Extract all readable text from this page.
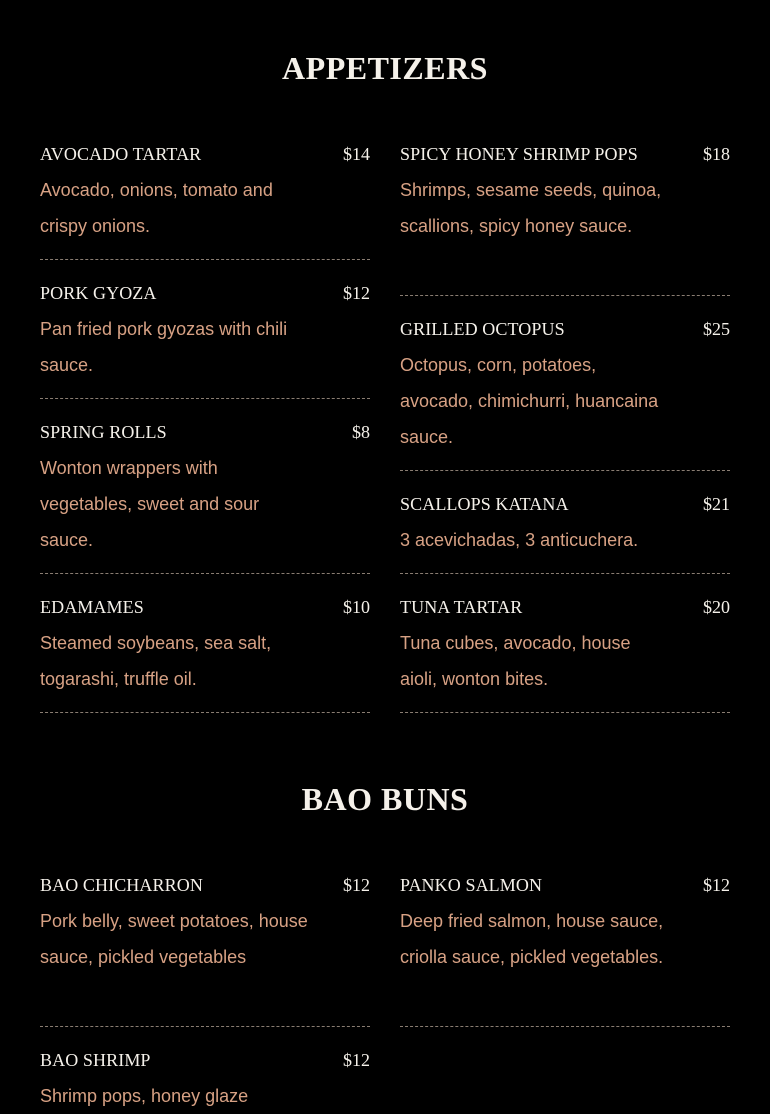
APPETIZERS
AVOCADO TARTAR	$14
Avocado, onions, tomato and crispy onions.
PORK GYOZA	$12
Pan fried pork gyozas with chili sauce.
SPRING ROLLS	$8
Wonton wrappers with vegetables, sweet and sour sauce.
EDAMAMES	$10
Steamed soybeans, sea salt, togarashi, truffle oil.
SPICY HONEY SHRIMP POPS	$18
Shrimps, sesame seeds, quinoa, scallions, spicy honey sauce.
GRILLED OCTOPUS	$25
Octopus, corn, potatoes, avocado, chimichurri, huancaina sauce.
SCALLOPS KATANA	$21
3 acevichadas, 3 anticuchera.
TUNA TARTAR	$20
Tuna cubes, avocado, house aioli, wonton bites.
BAO BUNS
BAO CHICHARRON	$12
Pork belly, sweet potatoes, house sauce, pickled vegetables
PANKO SALMON	$12
Deep fried salmon, house sauce, criolla sauce, pickled vegetables.
BAO SHRIMP	$12
Shrimp pops, honey glaze
